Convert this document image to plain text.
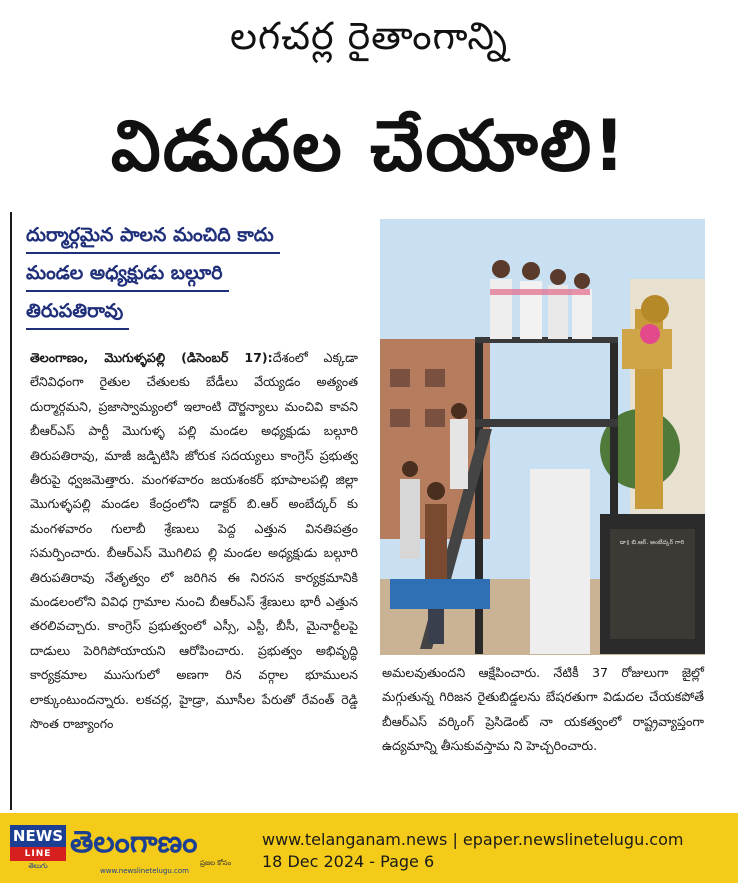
లగచర్ల రైతాంగాన్ని
విడుదల చేయాలి!
దుర్మార్గమైన పాలన మంచిది కాదు
మండల అధ్యక్షుడు బల్గూరి
తిరుపతిరావు
తెలంగాణం, మొగుళ్ళపల్లి (డిసెంబర్ 17):దేశంలో ఎక్కడా లేనివిధంగా రైతుల చేతులకు బేడీలు వేయ్యడం అత్యంత దుర్మార్గమని, ప్రజాస్వామ్యంలో ఇలాంటి దౌర్జన్యాలు మంచివి కావని బీఆర్ఎస్ పార్టీ మొగుళ్ళ పల్లి మండల అధ్యక్షుడు బల్గూరి తిరుపతిరావు, మాజీ జడ్పిటిసి జోరుక సదయ్యలు కాంగ్రెస్ ప్రభుత్వ తీరుపై ధ్వజమెత్తారు. మంగళవారం జయశంకర్ భూపాలపల్లి జిల్లా మొగుళ్ళపల్లి మండల కేంద్రంలోని డాక్టర్ బి.ఆర్ అంబేద్కర్ కు మంగళవారం గులాబీ శ్రేణులు పెద్ద ఎత్తున వినతిపత్రం సమర్పించారు. బీఆర్ఎస్ మొగిలిప ల్లి మండల అధ్యక్షుడు బల్గూరి తిరుపతిరావు నేతృత్వం లో జరిగిన ఈ నిరసన కార్యక్రమానికి మండలంలోని వివిధ గ్రామాల నుంచి బీఆర్ఎస్ శ్రేణులు భారీ ఎత్తున తరలివచ్చారు. కాంగ్రెస్ ప్రభుత్వంలో ఎస్సీ, ఎస్టీ, బీసీ, మైనార్టీలపై దాడులు పెరిగిపోయాయని ఆరోపించారు. ప్రభుత్వం అభివృద్ధి కార్యక్రమాల ముసుగులో అణగా రిన వర్గాల భూములన లాక్కుంటుందన్నారు. లకచర్ల, హైడ్రా, మూసీల పేరుతో రేవంత్ రెడ్డి సొంత రాజ్యాంగం
డా॥ బి.ఆర్. అంబేద్కర్ గారి
అమలవుతుందని ఆక్షేపించారు. నేటికీ 37 రోజులుగా జైల్లో మగ్గుతున్న గిరిజన రైతుబిడ్డలను బేషరతుగా విడుదల చేయకపోతే బీఆర్ఎస్ వర్కింగ్ ప్రెసిడెంట్ నా యకత్వంలో రాష్ట్రవ్యాప్తంగా ఉద్యమాన్ని తీసుకువస్తామ ని హెచ్చరించారు.
NEWS
LINE
తెలుగు
తెలంగాణం
ప్రజల కోసం
www.newslinetelugu.com
www.telanganam.news | epaper.newslinetelugu.com
18 Dec 2024 - Page 6
